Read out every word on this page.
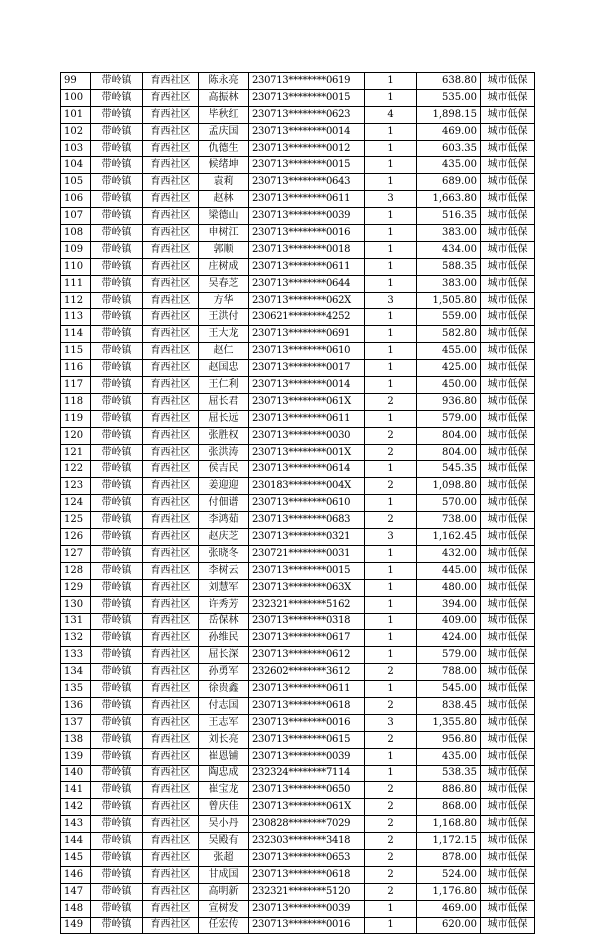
99	带岭镇	育西社区	陈永亮	230713********0619	1	638.80	城市低保
100	带岭镇	育西社区	高振林	230713********0015	1	535.00	城市低保
101	带岭镇	育西社区	毕秋红	230713********0623	4	1,898.15	城市低保
102	带岭镇	育西社区	孟庆国	230713********0014	1	469.00	城市低保
103	带岭镇	育西社区	仇德生	230713********0012	1	603.35	城市低保
104	带岭镇	育西社区	候绪坤	230713********0015	1	435.00	城市低保
105	带岭镇	育西社区	袁莉	230713********0643	1	689.00	城市低保
106	带岭镇	育西社区	赵林	230713********0611	3	1,663.80	城市低保
107	带岭镇	育西社区	梁德山	230713********0039	1	516.35	城市低保
108	带岭镇	育西社区	申树江	230713********0016	1	383.00	城市低保
109	带岭镇	育西社区	郭顺	230713********0018	1	434.00	城市低保
110	带岭镇	育西社区	庄树成	230713********0611	1	588.35	城市低保
111	带岭镇	育西社区	吴春芝	230713********0644	1	383.00	城市低保
112	带岭镇	育西社区	方华	230713********062X	3	1,505.80	城市低保
113	带岭镇	育西社区	王洪付	230621********4252	1	559.00	城市低保
114	带岭镇	育西社区	王大龙	230713********0691	1	582.80	城市低保
115	带岭镇	育西社区	赵仁	230713********0610	1	455.00	城市低保
116	带岭镇	育西社区	赵国忠	230713********0017	1	425.00	城市低保
117	带岭镇	育西社区	王仁利	230713********0014	1	450.00	城市低保
118	带岭镇	育西社区	屈长君	230713********061X	2	936.80	城市低保
119	带岭镇	育西社区	屈长远	230713********0611	1	579.00	城市低保
120	带岭镇	育西社区	张胜权	230713********0030	2	804.00	城市低保
121	带岭镇	育西社区	张洪涛	230713********001X	2	804.00	城市低保
122	带岭镇	育西社区	侯吉民	230713********0614	1	545.35	城市低保
123	带岭镇	育西社区	姜迎迎	230183********004X	2	1,098.80	城市低保
124	带岭镇	育西社区	付佃谱	230713********0610	1	570.00	城市低保
125	带岭镇	育西社区	李鸿茹	230713********0683	2	738.00	城市低保
126	带岭镇	育西社区	赵庆芝	230713********0321	3	1,162.45	城市低保
127	带岭镇	育西社区	张晓冬	230721********0031	1	432.00	城市低保
128	带岭镇	育西社区	李树云	230713********0015	1	445.00	城市低保
129	带岭镇	育西社区	刘慧军	230713********063X	1	480.00	城市低保
130	带岭镇	育西社区	许秀芳	232321********5162	1	394.00	城市低保
131	带岭镇	育西社区	岳保林	230713********0318	1	409.00	城市低保
132	带岭镇	育西社区	孙维民	230713********0617	1	424.00	城市低保
133	带岭镇	育西社区	屈长深	230713********0612	1	579.00	城市低保
134	带岭镇	育西社区	孙勇军	232602********3612	2	788.00	城市低保
135	带岭镇	育西社区	徐贵鑫	230713********0611	1	545.00	城市低保
136	带岭镇	育西社区	付志国	230713********0618	2	838.45	城市低保
137	带岭镇	育西社区	王志军	230713********0016	3	1,355.80	城市低保
138	带岭镇	育西社区	刘长亮	230713********0615	2	956.80	城市低保
139	带岭镇	育西社区	崔恩铺	230713********0039	1	435.00	城市低保
140	带岭镇	育西社区	陶忠成	232324********7114	1	538.35	城市低保
141	带岭镇	育西社区	崔宝龙	230713********0650	2	886.80	城市低保
142	带岭镇	育西社区	曾庆佳	230713********061X	2	868.00	城市低保
143	带岭镇	育西社区	吴小丹	230828********7029	2	1,168.80	城市低保
144	带岭镇	育西社区	吴殿有	232303********3418	2	1,172.15	城市低保
145	带岭镇	育西社区	张超	230713********0653	2	878.00	城市低保
146	带岭镇	育西社区	甘成国	230713********0618	2	524.00	城市低保
147	带岭镇	育西社区	高明新	232321********5120	2	1,176.80	城市低保
148	带岭镇	育西社区	宣树发	230713********0039	1	469.00	城市低保
149	带岭镇	育西社区	任宏传	230713********0016	1	620.00	城市低保
